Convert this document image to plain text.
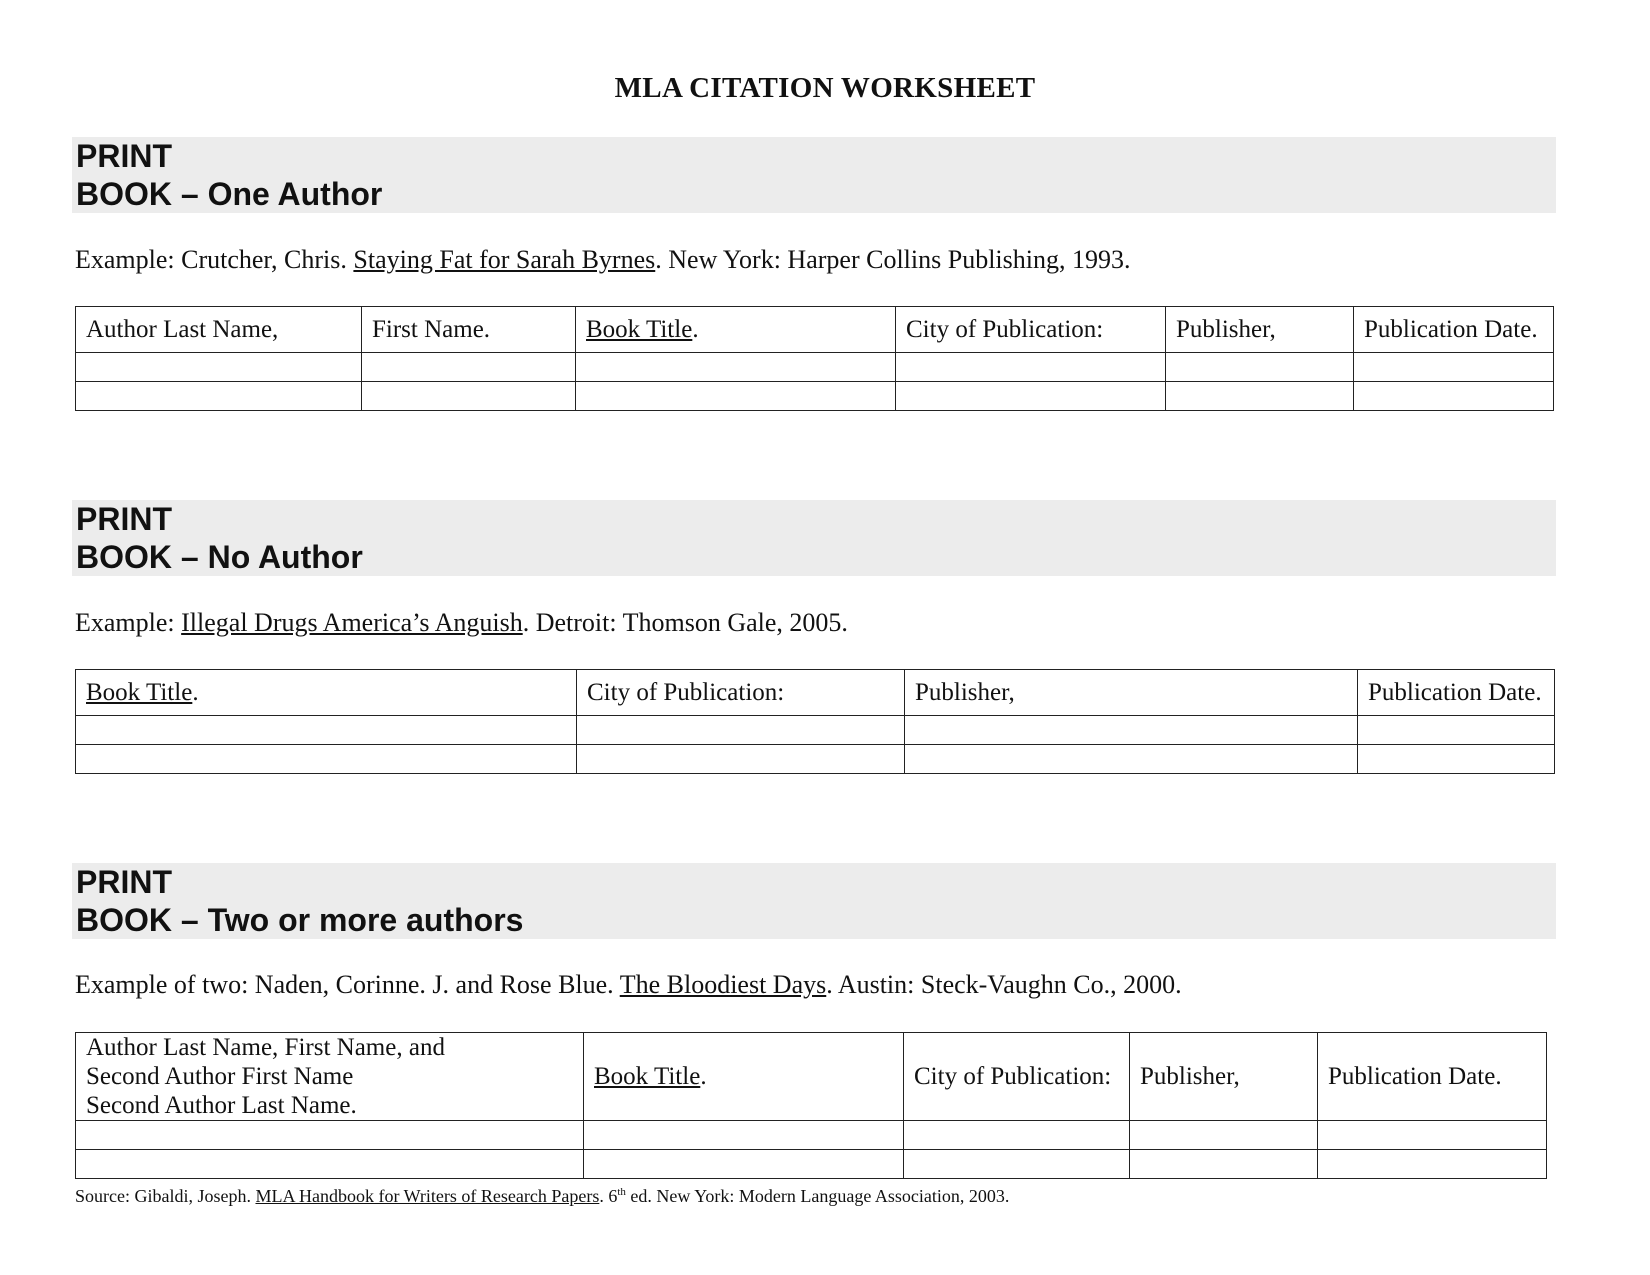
MLA CITATION WORKSHEET
PRINT
BOOK – One Author
Example: Crutcher, Chris. Staying Fat for Sarah Byrnes. New York: Harper Collins Publishing, 1993.
Author Last Name,	First Name.	Book Title.	City of Publication:	Publisher,	Publication Date.

PRINT
BOOK – No Author
Example: Illegal Drugs America’s Anguish. Detroit: Thomson Gale, 2005.
Book Title.	City of Publication:	Publisher,	Publication Date.

PRINT
BOOK – Two or more authors
Example of two: Naden, Corinne. J. and Rose Blue. The Bloodiest Days. Austin: Steck-Vaughn Co., 2000.
Author Last Name, First Name, and
Second Author First Name
Second Author Last Name.	Book Title.	City of Publication:	Publisher,	Publication Date.

Source: Gibaldi, Joseph. MLA Handbook for Writers of Research Papers. 6th ed. New York: Modern Language Association, 2003.
